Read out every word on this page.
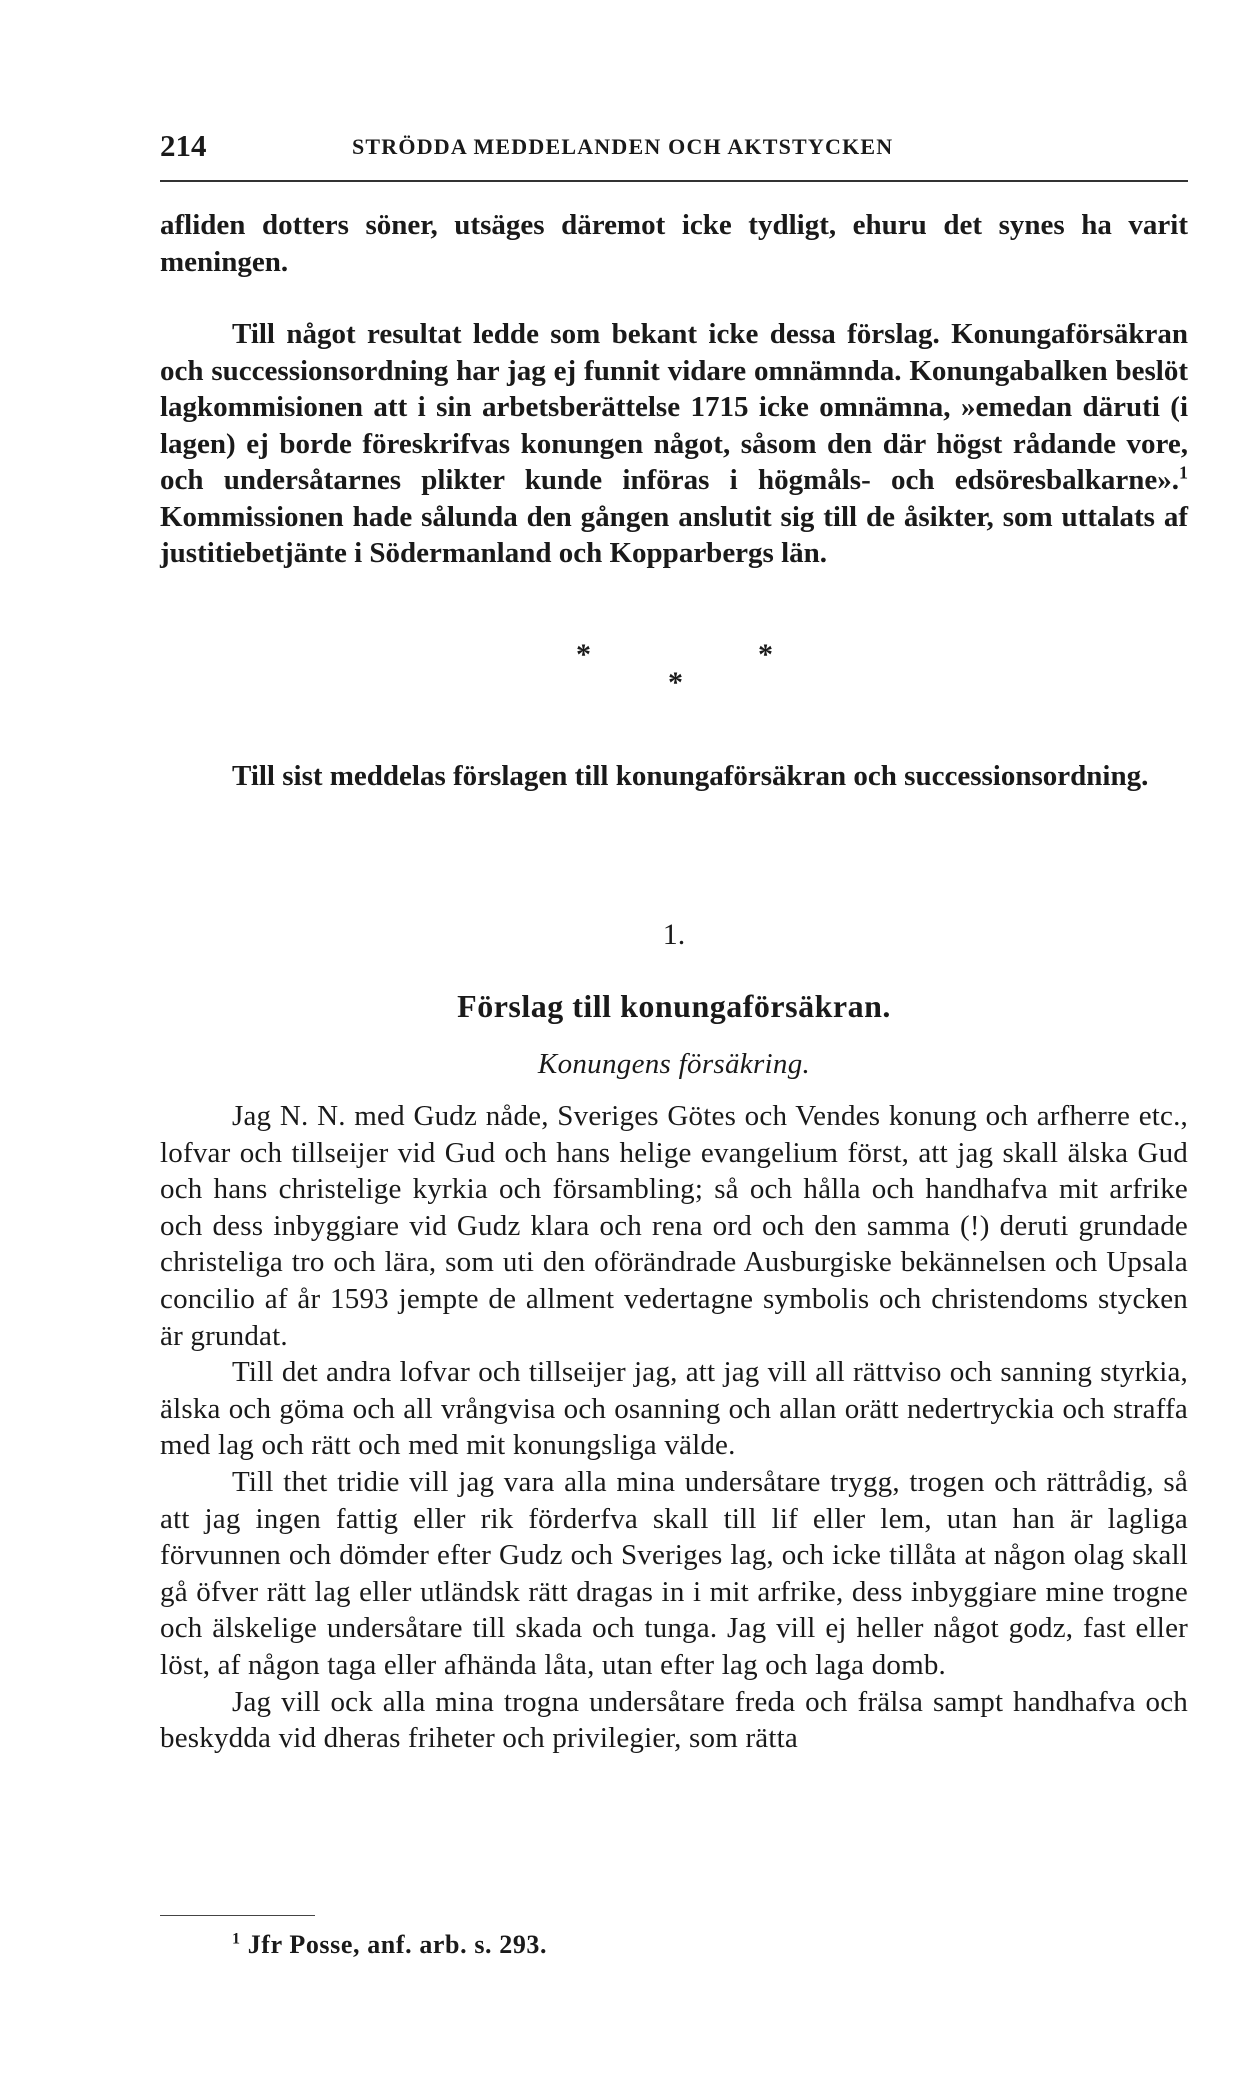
214	STRÖDDA MEDDELANDEN OCH AKTSTYCKEN

afliden dotters söner, utsäges däremot icke tydligt, ehuru det synes ha varit meningen.

Till något resultat ledde som bekant icke dessa förslag. Konungaförsäkran och successionsordning har jag ej funnit vidare omnämnda. Konungabalken beslöt lagkommisionen att i sin arbetsberättelse 1715 icke omnämna, »emedan däruti (i lagen) ej borde föreskrifvas konungen något, såsom den där högst rådande vore, och undersåtarnes plikter kunde införas i högmåls- och edsöresbalkarne».$^1$ Kommissionen hade sålunda den gången anslutit sig till de åsikter, som uttalats af justitiebetjänte i Södermanland och Kopparbergs län.

*	*
*

Till sist meddelas förslagen till konungaförsäkran och successionsordning.

1.
Förslag till konungaförsäkran.
Konungens försäkring.

Jag N. N. med Gudz nåde, Sveriges Götes och Vendes konung och arfherre etc., lofvar och tillseijer vid Gud och hans helige evangelium först, att jag skall älska Gud och hans christelige kyrkia och försambling; så och hålla och handhafva mit arfrike och dess inbyggiare vid Gudz klara och rena ord och den samma (!) deruti grundade christeliga tro och lära, som uti den oförändrade Ausburgiske bekännelsen och Upsala concilio af år 1593 jempte de allment vedertagne symbolis och christendoms stycken är grundat.

Till det andra lofvar och tillseijer jag, att jag vill all rättviso och sanning styrkia, älska och göma och all vrångvisa och osanning och allan orätt nedertryckia och straffa med lag och rätt och med mit konungsliga välde.

Till thet tridie vill jag vara alla mina undersåtare trygg, trogen och rättrådig, så att jag ingen fattig eller rik förderfva skall till lif eller lem, utan han är lagliga förvunnen och dömder efter Gudz och Sveriges lag, och icke tillåta at någon olag skall gå öfver rätt lag eller utländsk rätt dragas in i mit arfrike, dess inbyggiare mine trogne och älskelige undersåtare till skada och tunga. Jag vill ej heller något godz, fast eller löst, af någon taga eller afhända låta, utan efter lag och laga domb.

Jag vill ock alla mina trogna undersåtare freda och frälsa sampt handhafva och beskydda vid dheras friheter och privilegier, som rätta

$^1$ Jfr Posse, anf. arb. s. 293.
